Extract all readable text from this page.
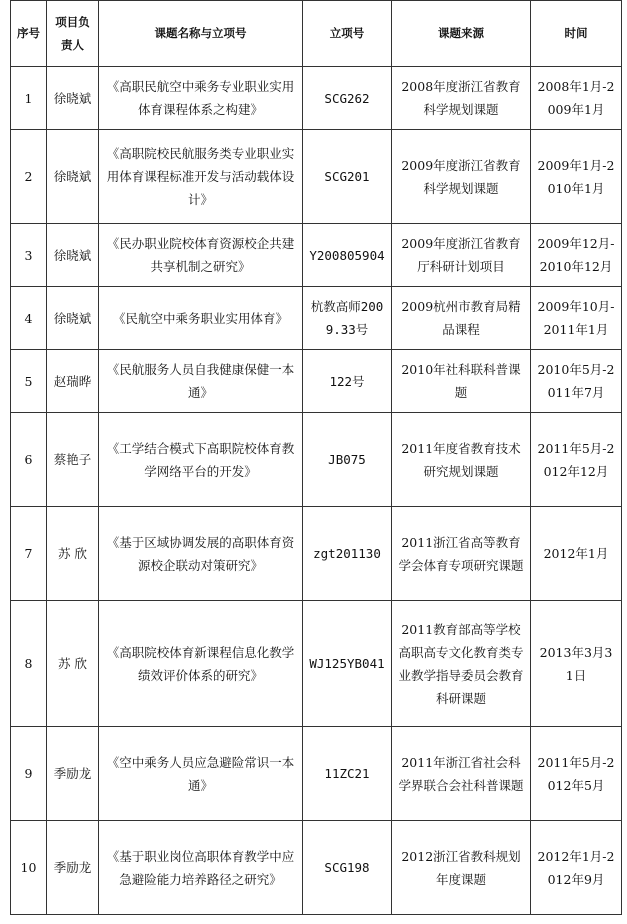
序号	项目负责人	课题名称与立项号	立项号	课题来源	时间
1	徐晓斌	《高职民航空中乘务专业职业实用体育课程体系之构建》	SCG262	2008年度浙江省教育科学规划课题	2008年1月-2009年1月
2	徐晓斌	《高职院校民航服务类专业职业实用体育课程标准开发与活动载体设计》	SCG201	2009年度浙江省教育科学规划课题	2009年1月-2010年1月
3	徐晓斌	《民办职业院校体育资源校企共建共享机制之研究》	Y200805904	2009年度浙江省教育厅科研计划项目	2009年12月-2010年12月
4	徐晓斌	《民航空中乘务职业实用体育》	杭教高师2009.33号	2009杭州市教育局精品课程	2009年10月-2011年1月
5	赵瑞晔	《民航服务人员自我健康保健一本通》	122号	2010年社科联科普课题	2010年5月-2011年7月
6	蔡艳子	《工学结合模式下高职院校体育教学网络平台的开发》	JB075	2011年度省教育技术研究规划课题	2011年5月-2012年12月
7	苏 欣	《基于区域协调发展的高职体育资源校企联动对策研究》	zgt201130	2011浙江省高等教育学会体育专项研究课题	2012年1月
8	苏 欣	《高职院校体育新课程信息化教学绩效评价体系的研究》	WJ125YB041	2011教育部高等学校高职高专文化教育类专业教学指导委员会教育科研课题	2013年3月31日
9	季励龙	《空中乘务人员应急避险常识一本通》	11ZC21	2011年浙江省社会科学界联合会社科普课题	2011年5月-2012年5月
10	季励龙	《基于职业岗位高职体育教学中应急避险能力培养路径之研究》	SCG198	2012浙江省教科规划年度课题	2012年1月-2012年9月
